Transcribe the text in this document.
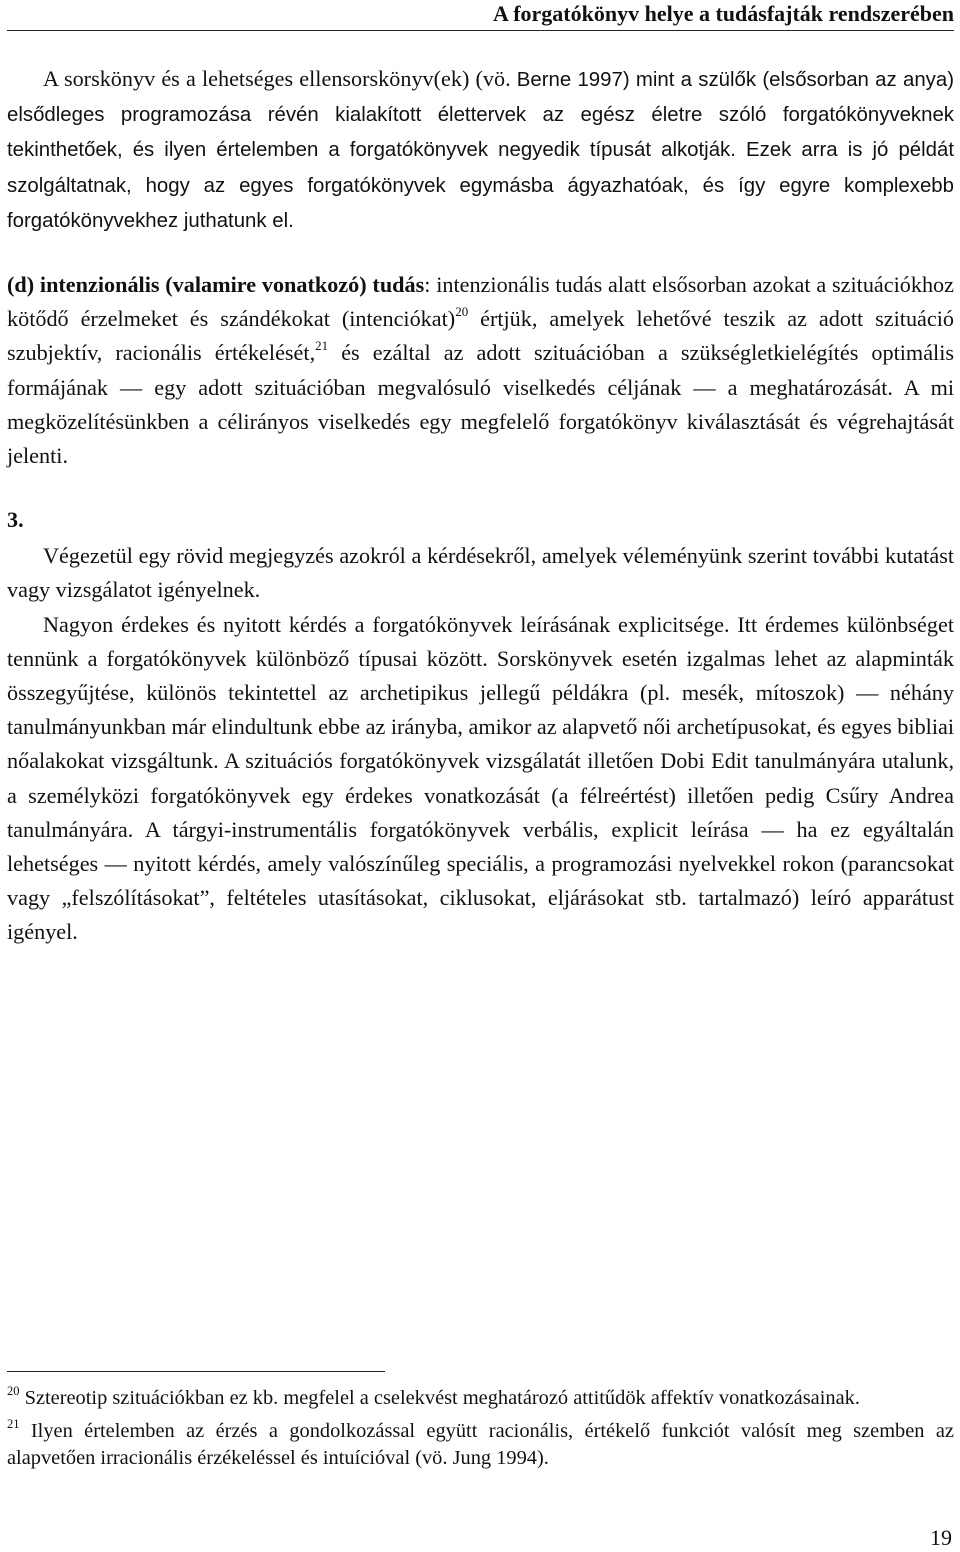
A forgatókönyv helye a tudásfajták rendszerében

A sorskönyv és a lehetséges ellensorskönyv(ek) (vö. Berne 1997) mint a szülők (elsősorban az anya) elsődleges programozása révén kialakított élettervek az egész életre szóló forgatókönyveknek tekinthetőek, és ilyen értelemben a forgatókönyvek negyedik típusát alkotják. Ezek arra is jó példát szolgáltatnak, hogy az egyes forgatókönyvek egymásba ágyazhatóak, és így egyre komplexebb forgatókönyvekhez juthatunk el.

(d) intenzionális (valamire vonatkozó) tudás: intenzionális tudás alatt elsősorban azokat a szituációkhoz kötődő érzelmeket és szándékokat (intenciókat)$^{20}$ értjük, amelyek lehetővé teszik az adott szituáció szubjektív, racionális értékelését,$^{21}$ és ezáltal az adott szituációban a szükségletkielégítés optimális formájának — egy adott szituációban megvalósuló viselkedés céljának — a meghatározását. A mi megközelítésünkben a célirányos viselkedés egy megfelelő forgatókönyv kiválasztását és végrehajtását jelenti.

3.

Végezetül egy rövid megjegyzés azokról a kérdésekről, amelyek véleményünk szerint további kutatást vagy vizsgálatot igényelnek.

Nagyon érdekes és nyitott kérdés a forgatókönyvek leírásának explicitsége. Itt érdemes különbséget tennünk a forgatókönyvek különböző típusai között. Sorskönyvek esetén izgalmas lehet az alapminták összegyűjtése, különös tekintettel az archetipikus jellegű példákra (pl. mesék, mítoszok) — néhány tanulmányunkban már elindultunk ebbe az irányba, amikor az alapvető női archetípusokat, és egyes bibliai nőalakokat vizsgáltunk. A szituációs forgatókönyvek vizsgálatát illetően Dobi Edit tanulmányára utalunk, a személyközi forgatókönyvek egy érdekes vonatkozását (a félreértést) illetően pedig Csűry Andrea tanulmányára. A tárgyi-instrumentális forgatókönyvek verbális, explicit leírása — ha ez egyáltalán lehetséges — nyitott kérdés, amely valószínűleg speciális, a programozási nyelvekkel rokon (parancsokat vagy „felszólításokat”, feltételes utasításokat, ciklusokat, eljárásokat stb. tartalmazó) leíró apparátust igényel.

$^{20}$ Sztereotip szituációkban ez kb. megfelel a cselekvést meghatározó attitűdök affektív vonatkozásainak.

$^{21}$ Ilyen értelemben az érzés a gondolkozással együtt racionális, értékelő funkciót valósít meg szemben az alapvetően irracionális érzékeléssel és intuícióval (vö. Jung 1994).

19
